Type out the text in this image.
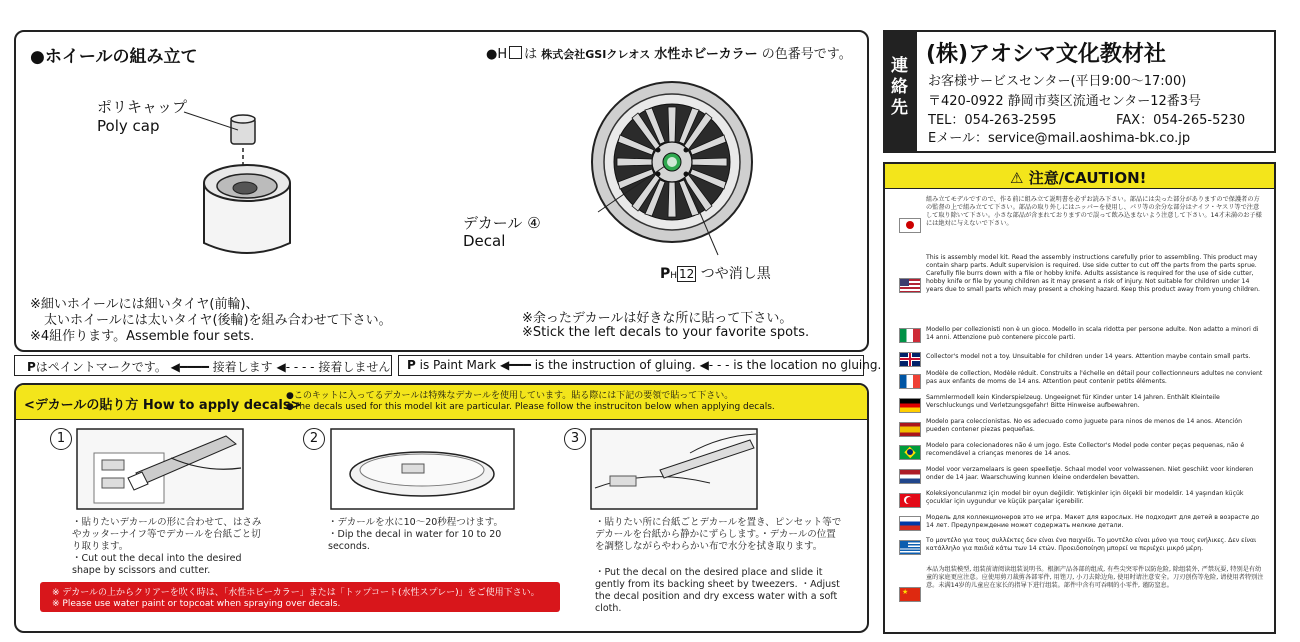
●ホイールの組み立て	●H は 株式会社GSIクレオス 水性ホビーカラー の色番号です。
ポリキャップ
Poly cap
デカール ④
Decal
PH 12 つや消し黒
※細いホイールには細いタイヤ(前輪)、
太いホイールには太いタイヤ(後輪)を組み合わせて下さい。
※4組作ります。Assemble four sets.
※余ったデカールは好きな所に貼って下さい。
※Stick the left decals to your favorite spots.
Pはペイントマークです。 ◀━━━━ 接着します ◀- - - - 接着しません P is Paint Mark ◀━━━ is the instruction of gluing. ◀- - - is the location no gluing.
<デカールの貼り方 How to apply decals>
●このキットに入ってるデカールは特殊なデカールを使用しています。貼る際には下記の要領で貼って下さい。
●The decals used for this model kit are particular. Please follow the instruciton below when applying decals.
1
・貼りたいデカールの形に合わせて、はさみやカッターナイフ等でデカールを台紙ごと切り取ります。
・Cut out the decal into the desired shape by scissors and cutter.
2
・デカールを水に10〜20秒程つけます。
・Dip the decal in water for 10 to 20 seconds.
3
・貼りたい所に台紙ごとデカールを置き、ピンセット等でデカールを台紙から静かにずらします。・デカールの位置を調整しながらやわらかい布で水分を拭き取ります。
・Put the decal on the desired place and slide it gently from its backing sheet by tweezers. ・Adjust the decal position and dry excess water with a soft cloth.
※ デカールの上からクリアーを吹く時は、「水性ホビーカラー」または「トップコート(水性スプレー)」をご使用下さい。
※ Please use water paint or topcoat when spraying over decals.
連絡先
(株)アオシマ文化教材社
お客様サービスセンター(平日9:00〜17:00)
〒420-0922 静岡市葵区流通センター12番3号
TEL：054-263-2595	FAX：054-265-5230
Eメール：service@mail.aoshima-bk.co.jp
⚠ 注意/CAUTION!
組み立てモデルですので、作る前に組み立て説明書を必ずお読み下さい。部品には尖った部分がありますので保護者の方の監督の上で組み立てて下さい。部品の取り外しにはニッパーを使用し、パリ等の余分な部分はナイフ・ヤスリ等で注意して取り除いて下さい。小さな部品が含まれておりますので誤って飲み込まないよう注意して下さい。14才未満のお子様には絶対に与えないで下さい。
This is assembly model kit. Read the assembly instructions carefully prior to assembling. This product may contain sharp parts. Adult supervision is required. Use side cutter to cut off the parts from the parts sprue. Carefully file burrs down with a file or hobby knife. Adults assistance is required for the use of side cutter, hobby knife or file by young children as it may present a risk of injury. Not suitable for children under 14 years due to small parts which may present a choking hazard. Keep this product away from young children.
Modello per collezionisti non è un gioco. Modello in scala ridotta per persone adulte. Non adatto a minori di 14 anni. Attenzione può contenere piccole parti.
Collector's model not a toy. Unsuitable for children under 14 years. Attention maybe contain small parts.
Modèle de collection, Modèle réduit. Construits a l'échelle en détail pour collectionneurs adultes ne convient pas aux enfants de moms de 14 ans. Attention peut contenir petits éléments.
Sammlermodell kein Kinderspielzeug. Ungeeignet für Kinder unter 14 Jahren. Enthält Kleinteile Verschluckungs und Verletzungsgefahr! Bitte Hinweise aufbewahren.
Modelo para coleccionistas. No es adecuado como juguete para ninos de menos de 14 anos. Atención pueden contener piezas pequeñas.
Modelo para colecionadores não é um jogo. Este Collector's Model pode conter peças pequenas, não é recomendável a crianças menores de 14 anos.
Model voor verzamelaars is geen speelletje. Schaal model voor volwassenen. Niet geschikt voor kinderen onder de 14 jaar. Waarschuwing kunnen kleine onderdelen bevatten.
Koleksiyonculanmız için model bir oyun değildir. Yetişkinler için ölçekli bir modeldir. 14 yaşından küçük çocuklar için uygundur ve küçük parçalar içerebilir.
Модель для коллекционеров это не игра. Макет для взрослых. Не подходит для детей в возрасте до 14 лет. Предупреждение может содержать мелкие детали.
Το μοντέλο για τους συλλέκτες δεν είναι ένα παιχνίδι. Το μοντέλο είναι μόνο για τους ενήλικες. Δεν είναι κατάλληλο για παιδιά κάτω των 14 ετών. Προειδοποίηση μπορεί να περιέχει μικρό μέρη.
★
本品为组装模型, 组装前请阅读组装说明书。根据产品各部的组成, 有些尖突零件以防危险, 除组装外, 严禁玩耍, 特别是有幼童的家庭更应注意。应使用剪刀裁剪各部零件, 用锉刀, 小刀去除边角, 使用时请注意安全。刀刃创伤等危险, 请使用者特别注意。未满14岁的儿童应在家长的指导下进行组装。部件中含有可吞咽的小零件, 谨防窒息。
